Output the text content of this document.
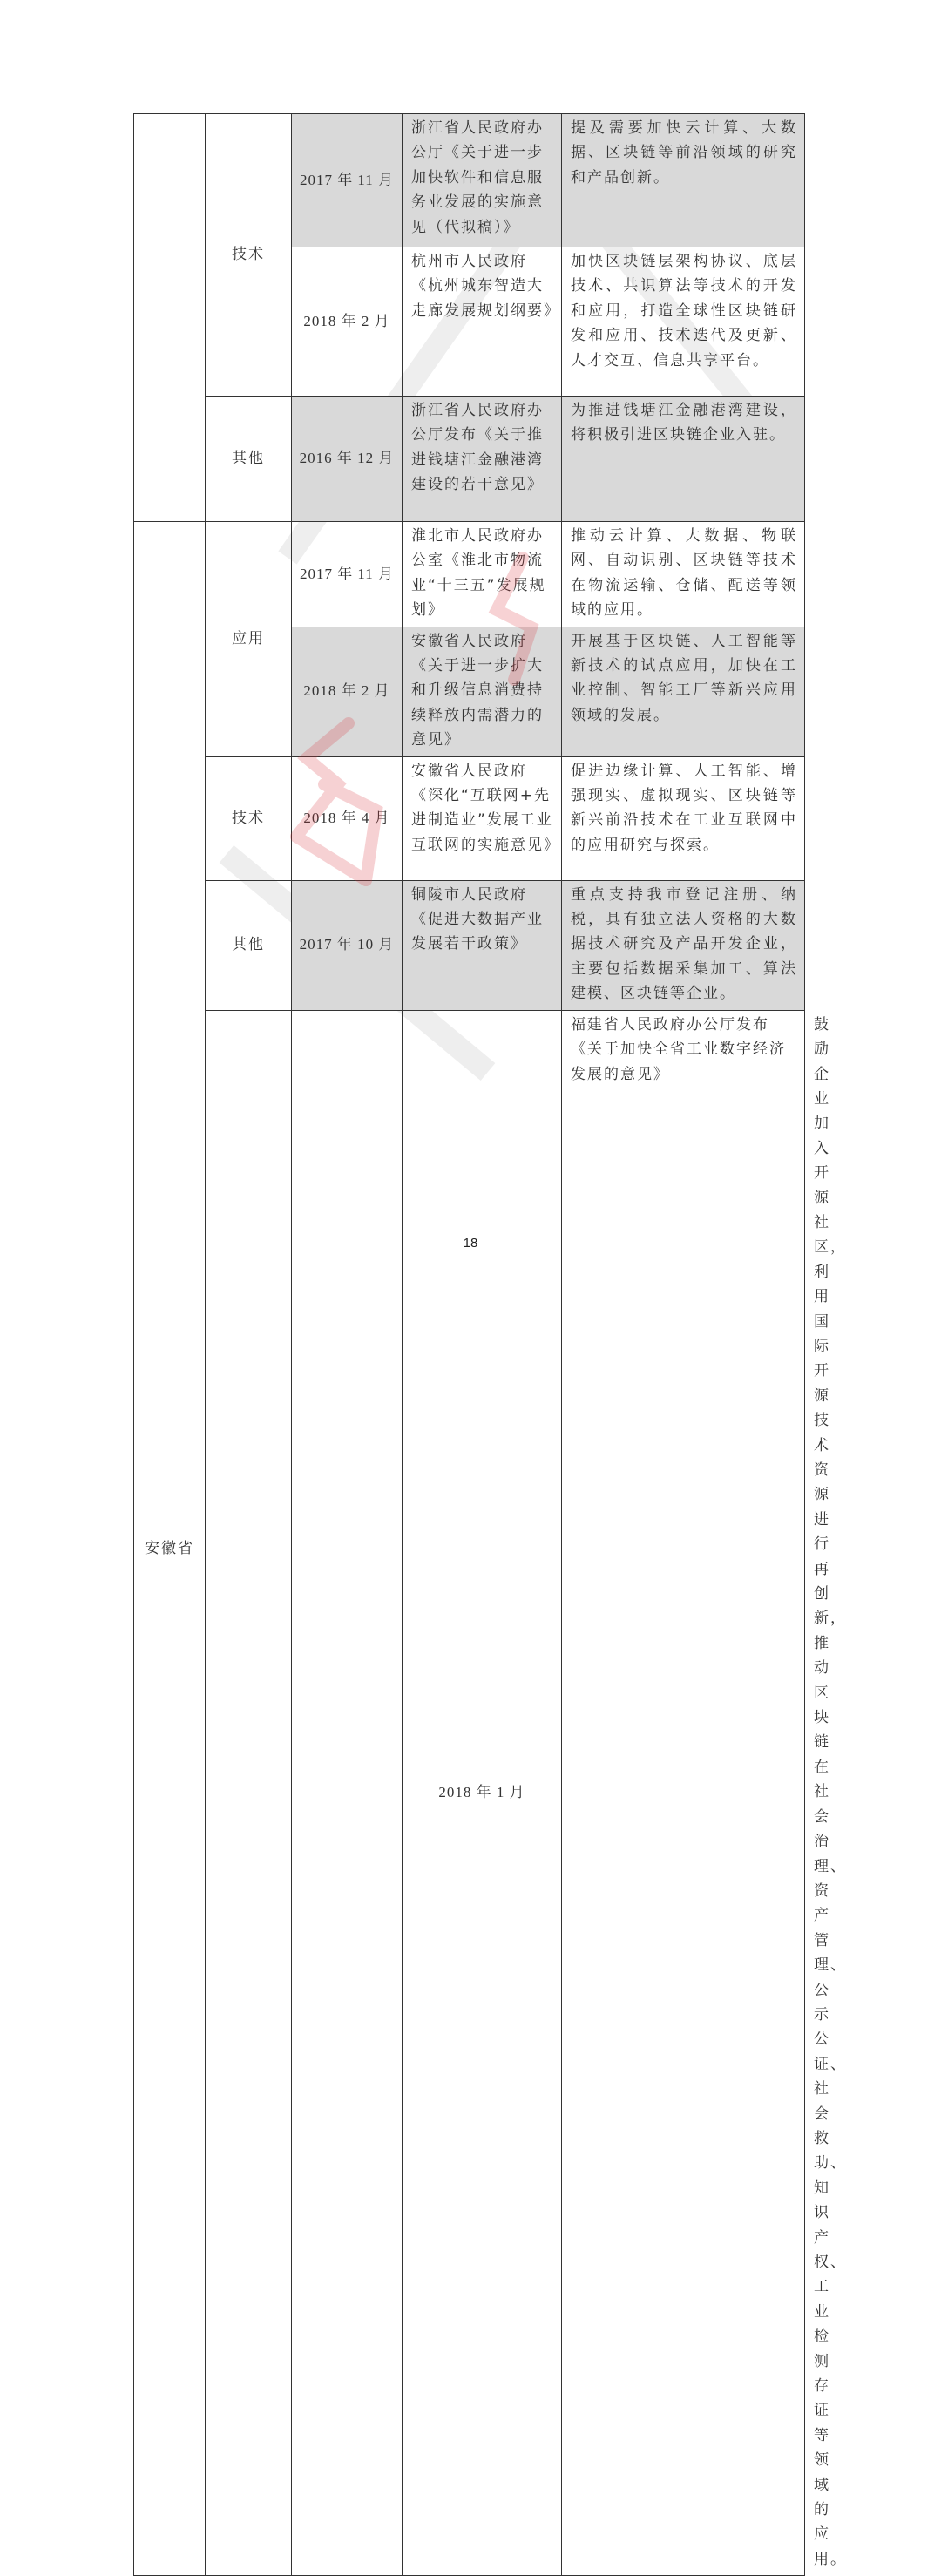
	技术	2017 年 11 月	浙江省人民政府办公厅《关于进一步加快软件和信息服务业发展的实施意见（代拟稿）》	提及需要加快云计算、大数据、区块链等前沿领域的研究和产品创新。	
		2018 年 2 月	杭州市人民政府《杭州城东智造大走廊发展规划纲要》	加快区块链层架构协议、底层技术、共识算法等技术的开发和应用，打造全球性区块链研发和应用、技术迭代及更新、人才交互、信息共享平台。	
	其他	2016 年 12 月	浙江省人民政府办公厅发布《关于推进钱塘江金融港湾建设的若干意见》	为推进钱塘江金融港湾建设，将积极引进区块链企业入驻。	
安徽省	应用	2017 年 11 月	淮北市人民政府办公室《淮北市物流业“十三五”发展规划》	推动云计算、大数据、物联网、自动识别、区块链等技术在物流运输、仓储、配送等领域的应用。	
		2018 年 2 月	安徽省人民政府《关于进一步扩大和升级信息消费持续释放内需潜力的意见》	开展基于区块链、人工智能等新技术的试点应用，加快在工业控制、智能工厂等新兴应用领域的发展。	
	技术	2018 年 4 月	安徽省人民政府《深化“互联网+先进制造业”发展工业互联网的实施意见》	促进边缘计算、人工智能、增强现实、虚拟现实、区块链等新兴前沿技术在工业互联网中的应用研究与探索。	
	其他	2017 年 10 月	铜陵市人民政府《促进大数据产业发展若干政策》	重点支持我市登记注册、纳税，具有独立法人资格的大数据技术研究及产品开发企业，主要包括数据采集加工、算法建模、区块链等企业。	
			2018 年 1 月	福建省人民政府办公厅发布《关于加快全省工业数字经济发展的意见》	鼓励企业加入开源社区，利用国际开源技术资源进行再创新，推动区块链在社会治理、资产管理、公示公证、社会救助、知识产权、工业检测存证等领域的应用。
18
